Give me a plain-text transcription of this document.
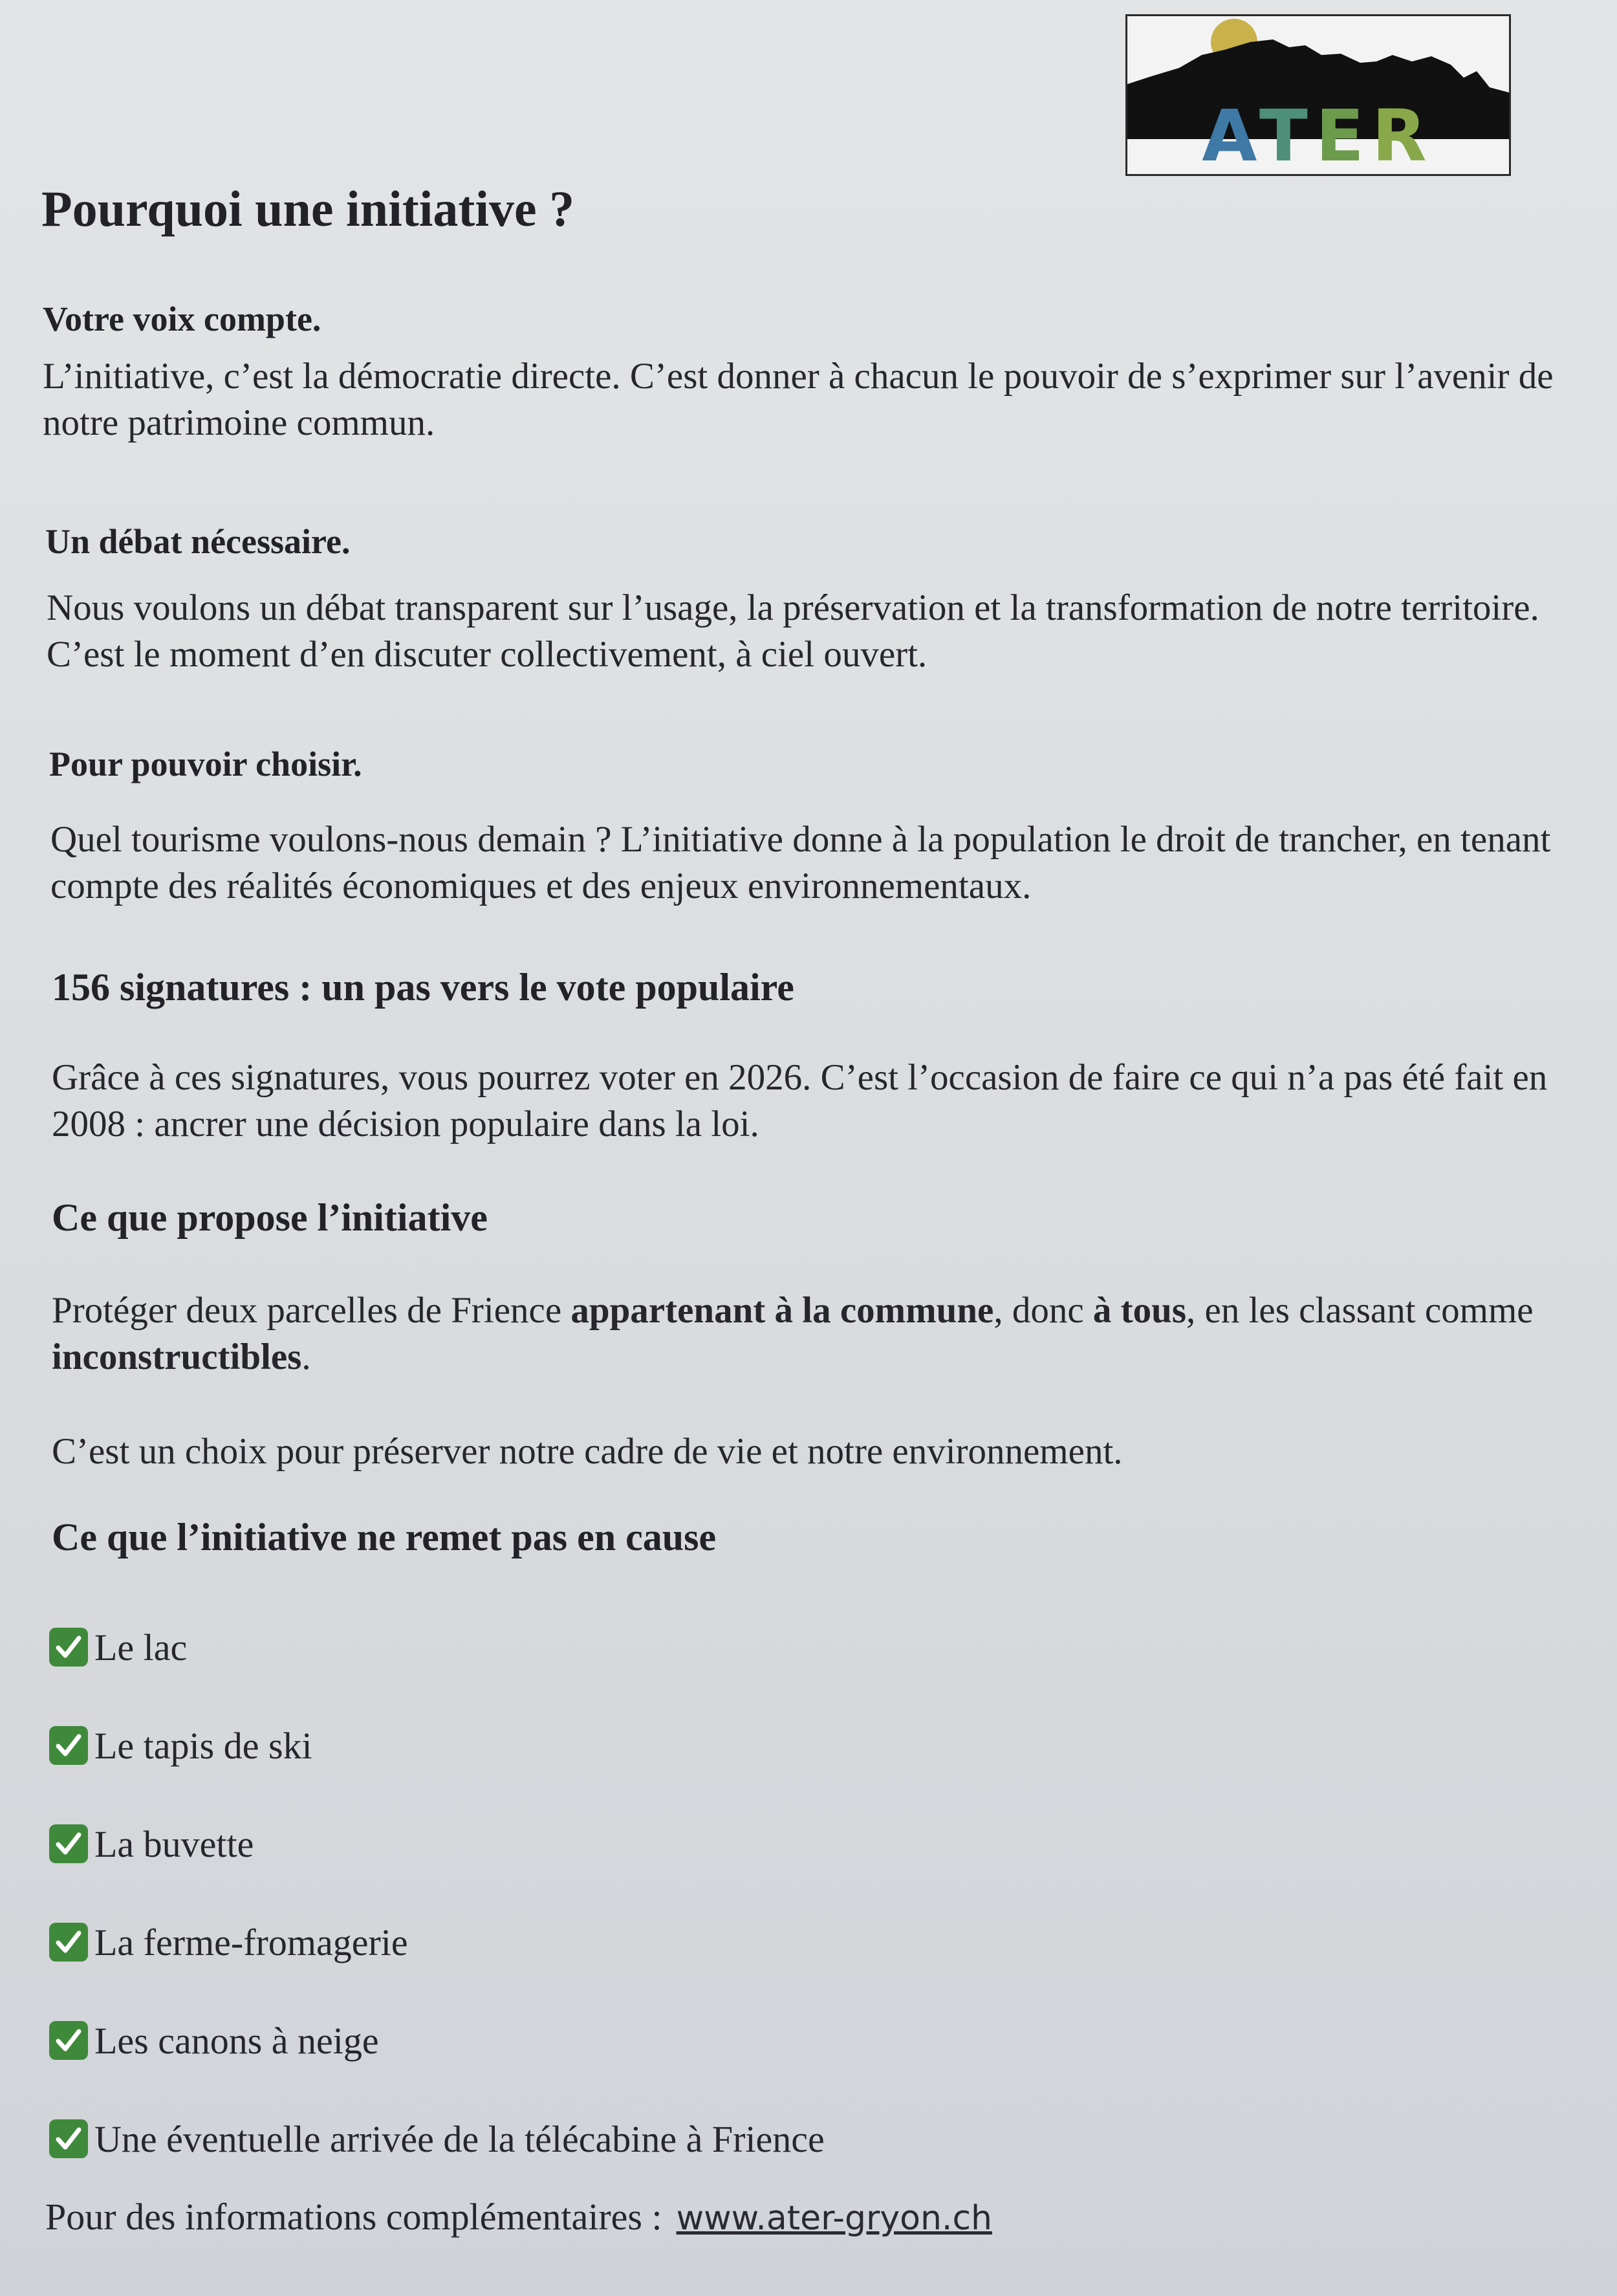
ATER
Pourquoi une initiative ?

Votre voix compte.

L’initiative, c’est la démocratie directe. C’est donner à chacun le pouvoir de s’exprimer sur l’avenir de notre patrimoine commun.

Un débat nécessaire.

Nous voulons un débat transparent sur l’usage, la préservation et la transformation de notre territoire. C’est le moment d’en discuter collectivement, à ciel ouvert.

Pour pouvoir choisir.

Quel tourisme voulons-nous demain ? L’initiative donne à la population le droit de trancher, en tenant compte des réalités économiques et des enjeux environnementaux.

156 signatures : un pas vers le vote populaire

Grâce à ces signatures, vous pourrez voter en 2026. C’est l’occasion de faire ce qui n’a pas été fait en 2008 : ancrer une décision populaire dans la loi.

Ce que propose l’initiative

Protéger deux parcelles de Frience appartenant à la commune, donc à tous, en les classant comme inconstructibles.

C’est un choix pour préserver notre cadre de vie et notre environnement.

Ce que l’initiative ne remet pas en cause

Le lac
Le tapis de ski
La buvette
La ferme-fromagerie
Les canons à neige
Une éventuelle arrivée de la télécabine à Frience
Pour des informations complémentaires : www.ater-gryon.ch
